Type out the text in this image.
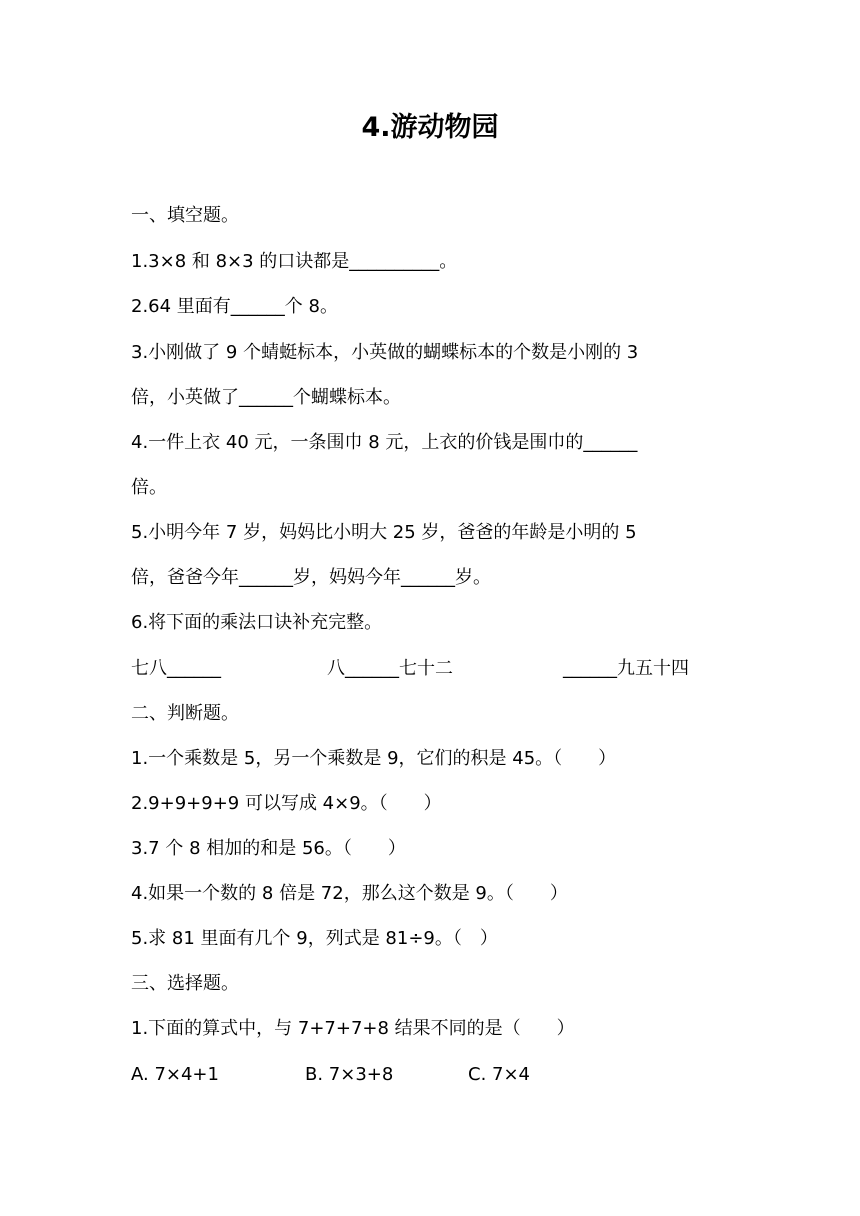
4.游动物园
一、填空题。
1.3×8 和 8×3 的口诀都是__________。
2.64 里面有______个 8。
3.小刚做了 9 个蜻蜓标本，小英做的蝴蝶标本的个数是小刚的 3
倍，小英做了______个蝴蝶标本。
4.一件上衣 40 元，一条围巾 8 元，上衣的价钱是围巾的______
倍。
5.小明今年 7 岁，妈妈比小明大 25 岁，爸爸的年龄是小明的 5
倍，爸爸今年______岁，妈妈今年______岁。
6.将下面的乘法口诀补充完整。
七八______	八______七十二	______九五十四
二、判断题。
1.一个乘数是 5，另一个乘数是 9，它们的积是 45。（　　）
2.9+9+9+9 可以写成 4×9。（　　）
3.7 个 8 相加的和是 56。（　　）
4.如果一个数的 8 倍是 72，那么这个数是 9。（　　）
5.求 81 里面有几个 9，列式是 81÷9。（　）
三、选择题。
1.下面的算式中，与 7+7+7+8 结果不同的是（　　）
A. 7×4+1	B. 7×3+8	C. 7×4
